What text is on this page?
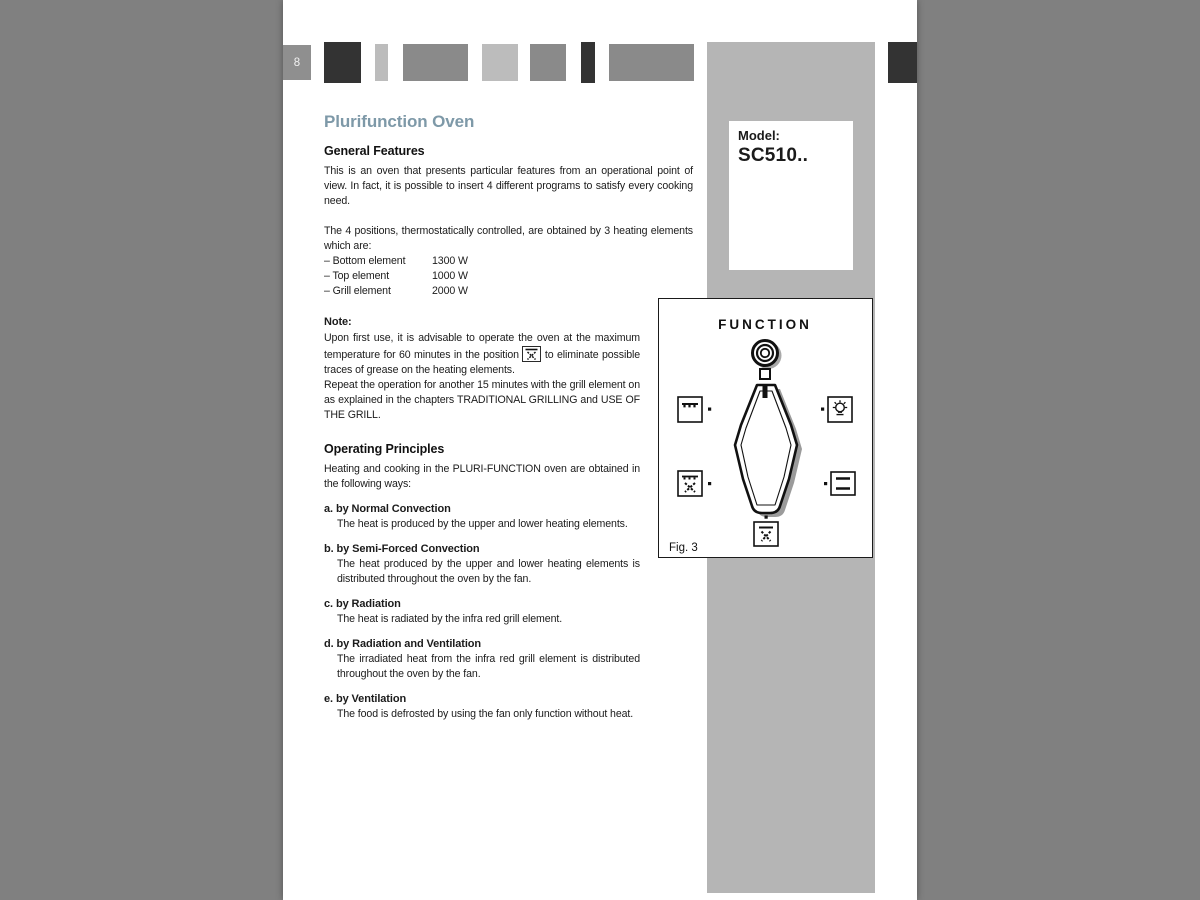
8

Model:

SC510..

Plurifunction Oven
General Features

This is an oven that presents particular features from an operational point of view. In fact, it is possible to insert 4 different programs to satisfy every cooking need.

The 4 positions, thermostatically controlled, are obtained by 3 heating elements which are:

– Bottom element	1300 W
– Top element	1000 W
– Grill element	2000 W

Note:

Upon first use, it is advisable to operate the oven at the maximum temperature for 60 minutes in the position to eliminate possible traces of grease on the heating elements.

Repeat the operation for another 15 minutes with the grill element on as explained in the chapters TRADITIONAL GRILLING and USE OF THE GRILL.

Operating Principles

Heating and cooking in the PLURI-FUNCTION oven are obtained in the following ways:

a. by Normal Convection

The heat is produced by the upper and lower heating elements.

b. by Semi-Forced Convection

The heat produced by the upper and lower heating elements is distributed throughout the oven by the fan.

c. by Radiation

The heat is radiated by the infra red grill element.

d. by Radiation and Ventilation

The irradiated heat from the infra red grill element is distributed throughout the oven by the fan.

e. by Ventilation

The food is defrosted by using the fan only function without heat.

FUNCTION
Fig. 3
